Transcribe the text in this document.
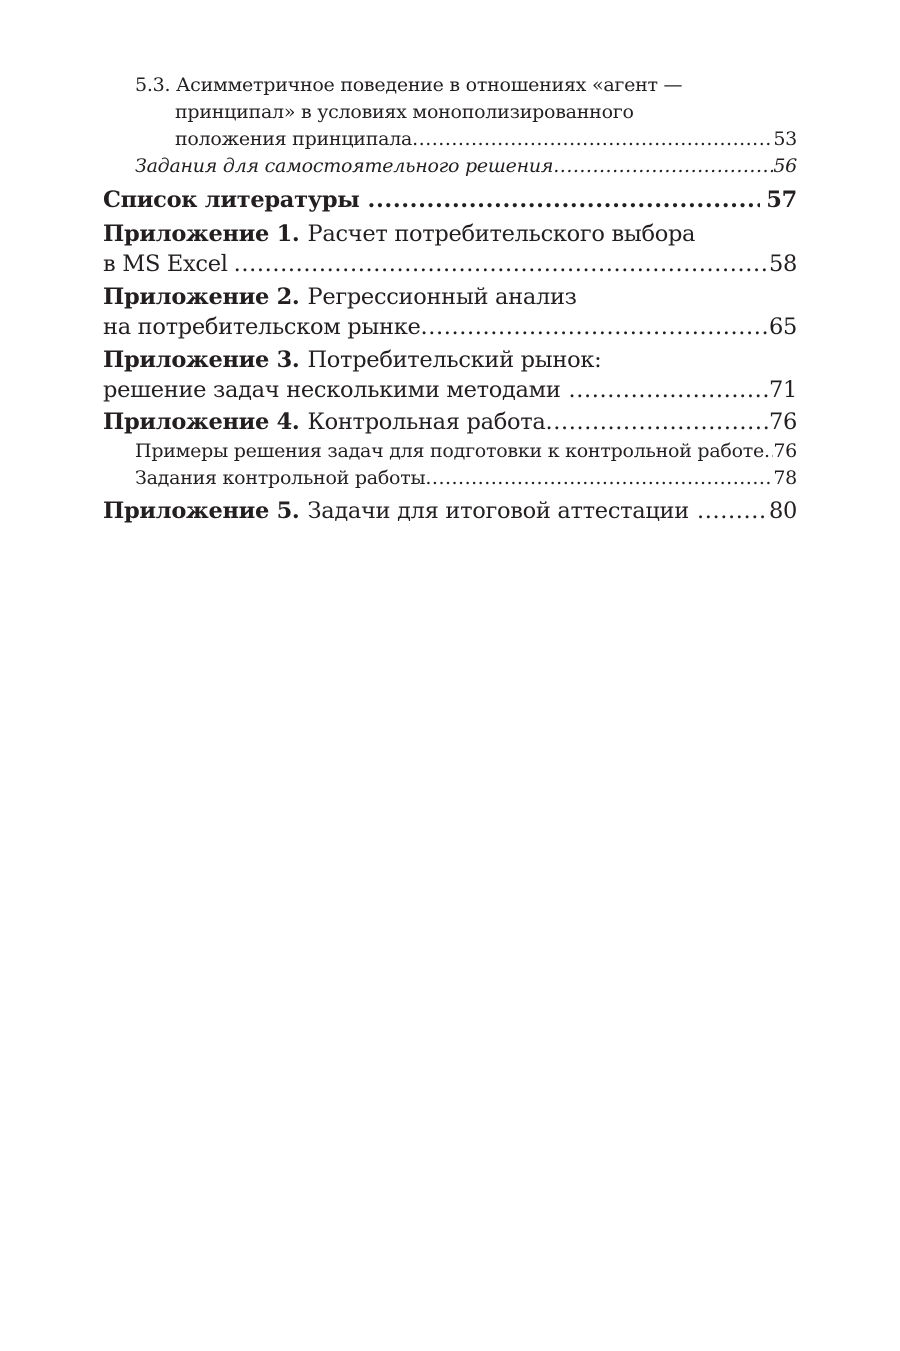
5.3. Асимметричное поведение в отношениях «агент —
принципал» в условиях монополизированного
положения принципала .....	53
Задания для самостоятельного решения .....	56
Список литературы .....	57
Приложение 1. Расчет потребительского выбора
в MS Excel .....	58
Приложение 2. Регрессионный анализ
на потребительском рынке .....	65
Приложение 3. Потребительский рынок:
решение задач несколькими методами .....	71
Приложение 4. Контрольная работа .....	76
Примеры решения задач для подготовки к контрольной работе ..... 76
Задания контрольной работы .....	78
Приложение 5. Задачи для итоговой аттестации .....	80
